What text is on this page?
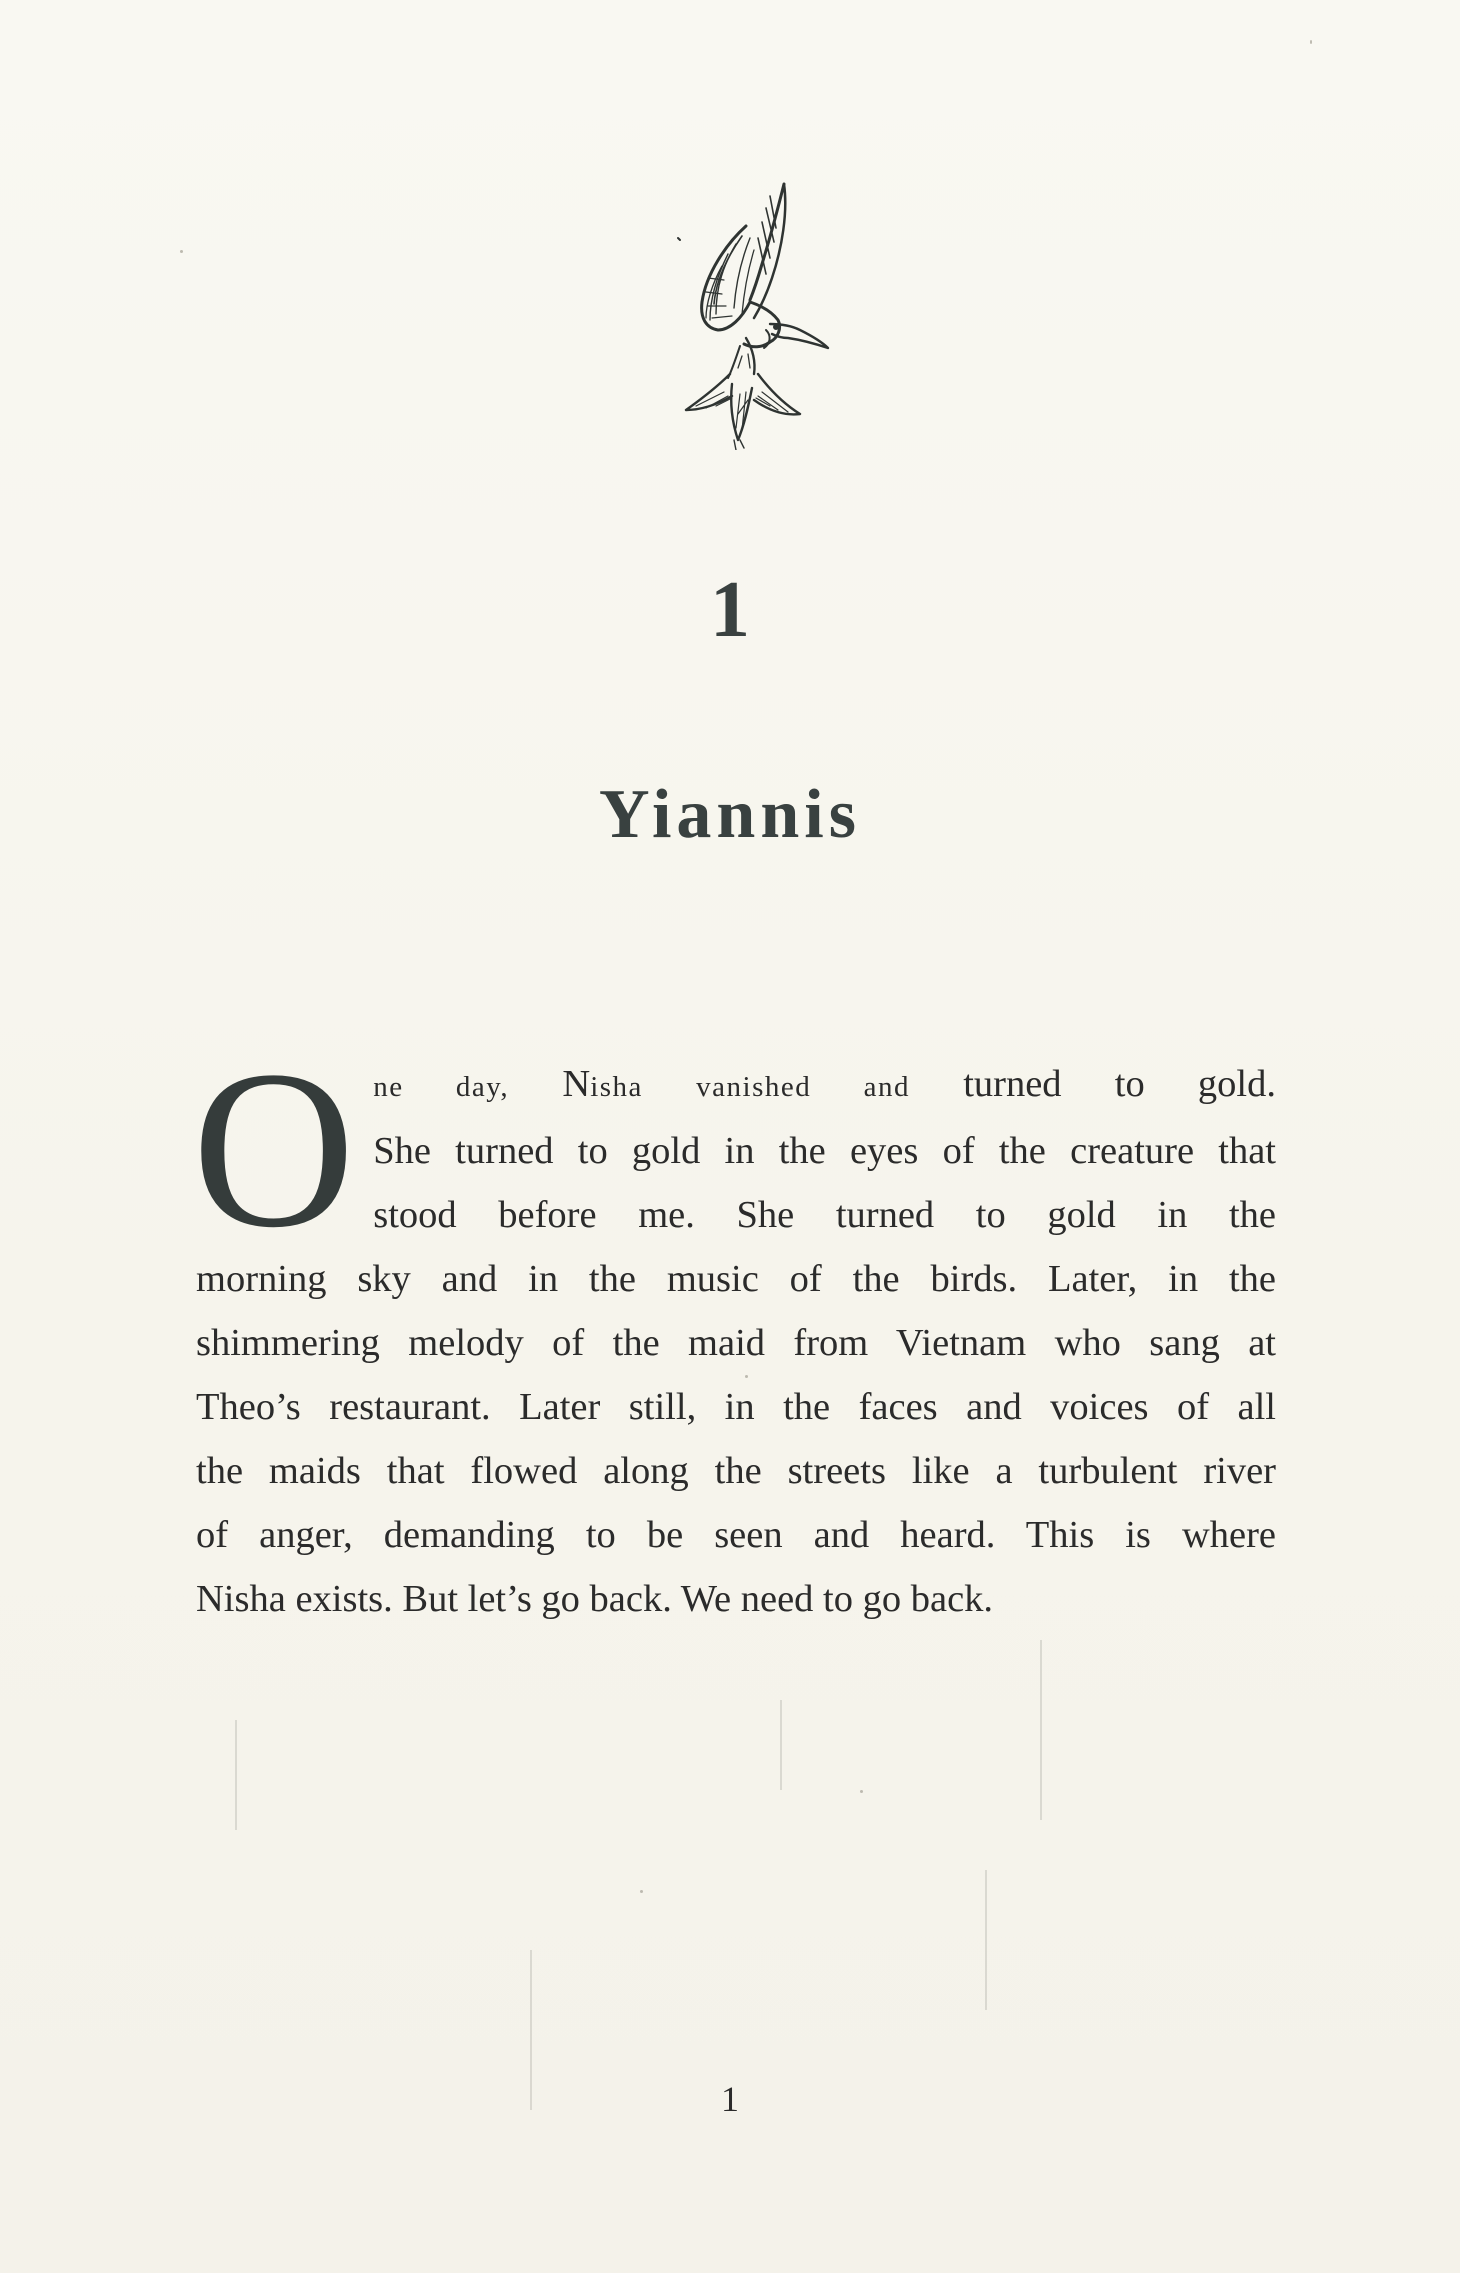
1
Yiannis
O ne day, Nisha vanished and turned to gold.
She turned to gold in the eyes of the creature that
stood before me. She turned to gold in the
morning sky and in the music of the birds. Later, in the
shimmering melody of the maid from Vietnam who sang at
Theo’s restaurant. Later still, in the faces and voices of all
the maids that flowed along the streets like a turbulent river
of anger, demanding to be seen and heard. This is where
Nisha exists. But let’s go back. We need to go back.
1
